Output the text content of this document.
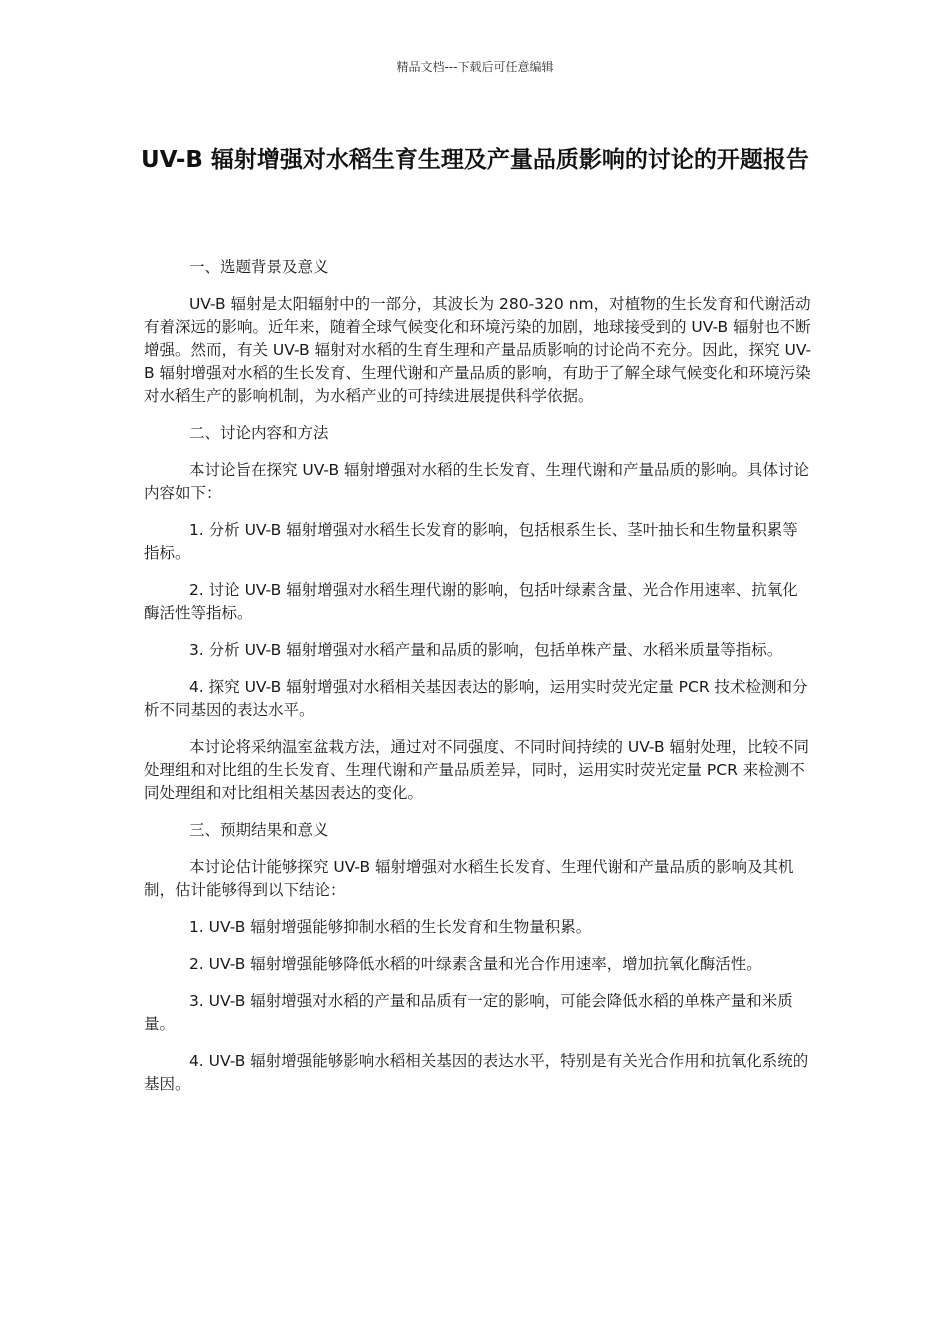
精品文档---下载后可任意编辑
UV-B 辐射增强对水稻生育生理及产量品质影响的讨论的开题报告

一、选题背景及意义

UV-B 辐射是太阳辐射中的一部分，其波长为 280-320 nm，对植物的生长发育和代谢活动有着深远的影响。近年来，随着全球气候变化和环境污染的加剧，地球接受到的 UV-B 辐射也不断增强。然而，有关 UV-B 辐射对水稻的生育生理和产量品质影响的讨论尚不充分。因此，探究 UV-B 辐射增强对水稻的生长发育、生理代谢和产量品质的影响，有助于了解全球气候变化和环境污染对水稻生产的影响机制，为水稻产业的可持续进展提供科学依据。

二、讨论内容和方法

本讨论旨在探究 UV-B 辐射增强对水稻的生长发育、生理代谢和产量品质的影响。具体讨论内容如下：

1. 分析 UV-B 辐射增强对水稻生长发育的影响，包括根系生长、茎叶抽长和生物量积累等指标。

2. 讨论 UV-B 辐射增强对水稻生理代谢的影响，包括叶绿素含量、光合作用速率、抗氧化酶活性等指标。

3. 分析 UV-B 辐射增强对水稻产量和品质的影响，包括单株产量、水稻米质量等指标。

4. 探究 UV-B 辐射增强对水稻相关基因表达的影响，运用实时荧光定量 PCR 技术检测和分析不同基因的表达水平。

本讨论将采纳温室盆栽方法，通过对不同强度、不同时间持续的 UV-B 辐射处理，比较不同处理组和对比组的生长发育、生理代谢和产量品质差异，同时，运用实时荧光定量 PCR 来检测不同处理组和对比组相关基因表达的变化。

三、预期结果和意义

本讨论估计能够探究 UV-B 辐射增强对水稻生长发育、生理代谢和产量品质的影响及其机制，估计能够得到以下结论：

1. UV-B 辐射增强能够抑制水稻的生长发育和生物量积累。

2. UV-B 辐射增强能够降低水稻的叶绿素含量和光合作用速率，增加抗氧化酶活性。

3. UV-B 辐射增强对水稻的产量和品质有一定的影响，可能会降低水稻的单株产量和米质量。

4. UV-B 辐射增强能够影响水稻相关基因的表达水平，特别是有关光合作用和抗氧化系统的基因。
